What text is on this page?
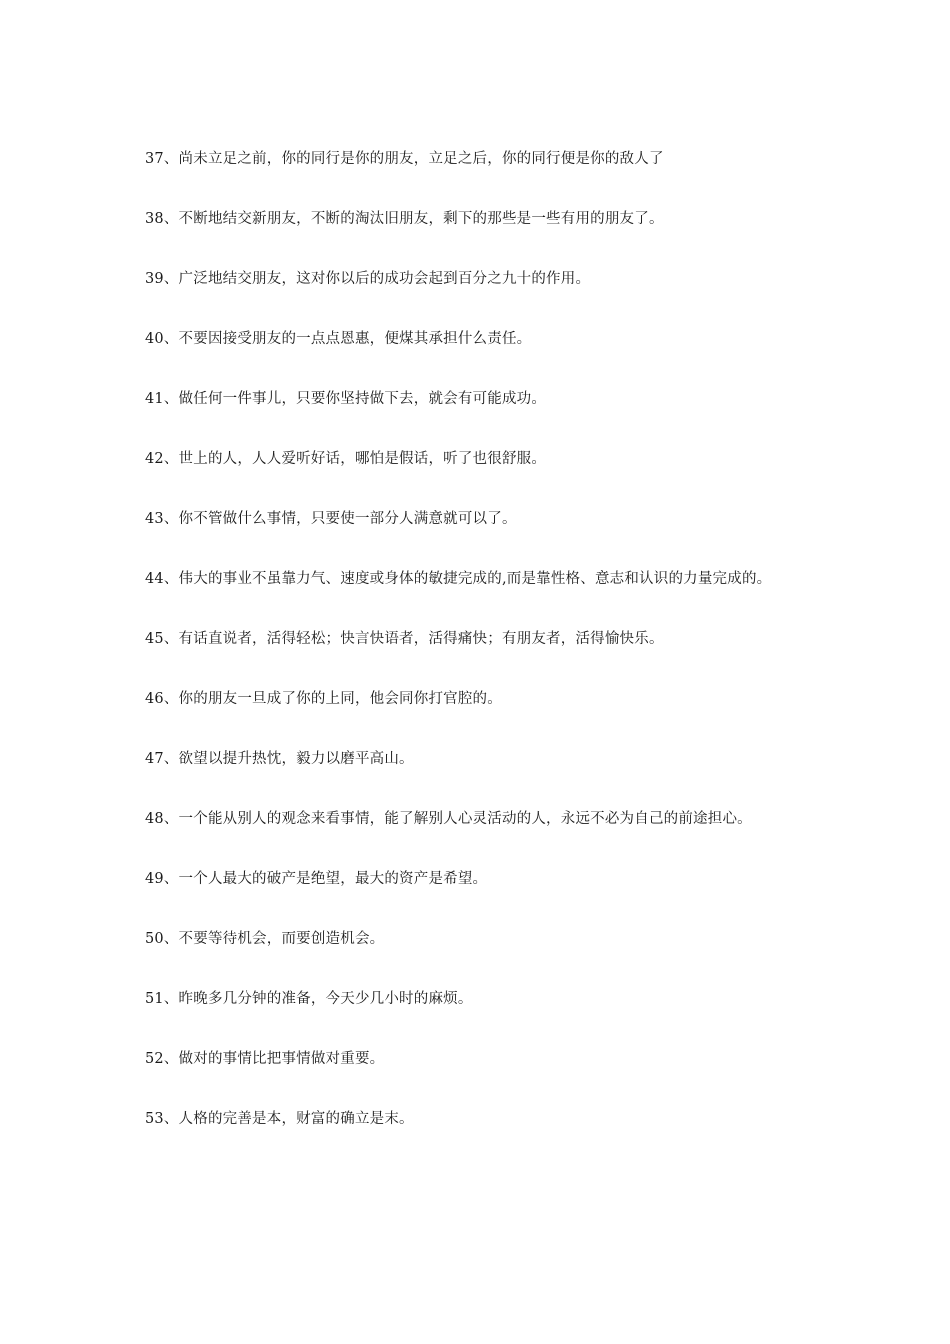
37、尚未立足之前，你的同行是你的朋友，立足之后，你的同行便是你的敌人了

38、不断地结交新朋友，不断的淘汰旧朋友，剩下的那些是一些有用的朋友了。

39、广泛地结交朋友，这对你以后的成功会起到百分之九十的作用。

40、不要因接受朋友的一点点恩惠，便煤其承担什么责任。

41、做任何一件事儿，只要你坚持做下去，就会有可能成功。

42、世上的人，人人爱听好话，哪怕是假话，听了也很舒服。

43、你不管做什么事情，只要使一部分人满意就可以了。

44、伟大的事业不虽靠力气、速度或身体的敏捷完成的,而是靠性格、意志和认识的力量完成的。

45、有话直说者，活得轻松；快言快语者，活得痛快；有朋友者，活得愉快乐。

46、你的朋友一旦成了你的上同，他会同你打官腔的。

47、欲望以提升热忱，毅力以磨平高山。

48、一个能从别人的观念来看事情，能了解别人心灵活动的人，永远不必为自己的前途担心。

49、一个人最大的破产是绝望，最大的资产是希望。

50、不要等待机会，而要创造机会。

51、昨晚多几分钟的准备，今天少几小时的麻烦。

52、做对的事情比把事情做对重要。

53、人格的完善是本，财富的确立是末。
